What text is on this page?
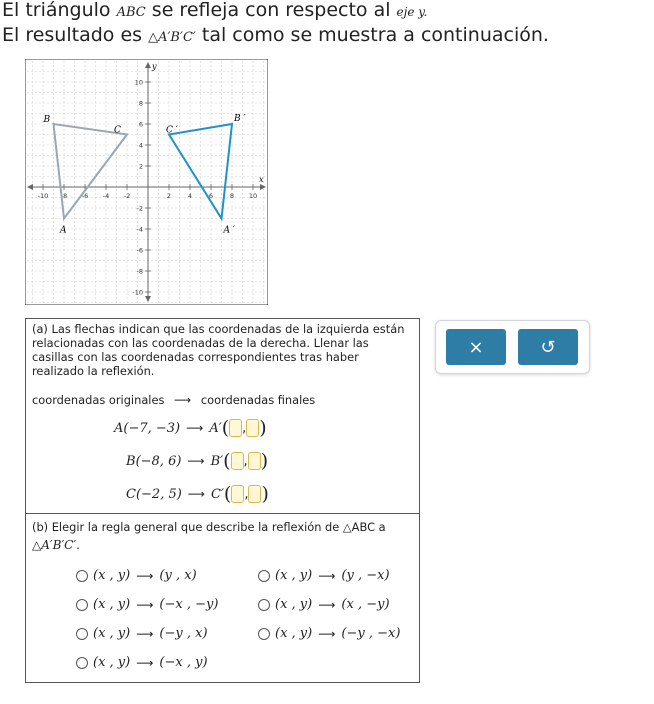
El triángulo ABC se refleja con respecto al eje y.
El resultado es △A′B′C′ tal como se muestra a continuación.
-10 -8 -6 -4 -2	2	4	6	8 10
10
8
6
4
2
-2
-4
-6
-8
-10
y
x
A
B
C
A ′
B ′
C ′
(a) Las flechas indican que las coordenadas de la izquierda están
relacionadas con las coordenadas de la derecha. Llenar las
casillas con las coordenadas correspondientes tras haber
realizado la reflexión.
coordenadas originales ⟶ coordenadas finales
A (−7, −3) ⟶ A′ ( , )
B (−8, 6) ⟶ B′ ( , )
C (−2, 5) ⟶ C′ ( , )
(b) Elegir la regla general que describe la reflexión de △ABC a
△A′B′C′.
(x , y) ⟶ (y , x)	(x , y) ⟶ (y , −x)
(x , y) ⟶ (−x , −y)	(x , y) ⟶ (x , −y)
(x , y) ⟶ (−y , x)	(x , y) ⟶ (−y , −x)
(x , y) ⟶ (−x , y)
×	↺
